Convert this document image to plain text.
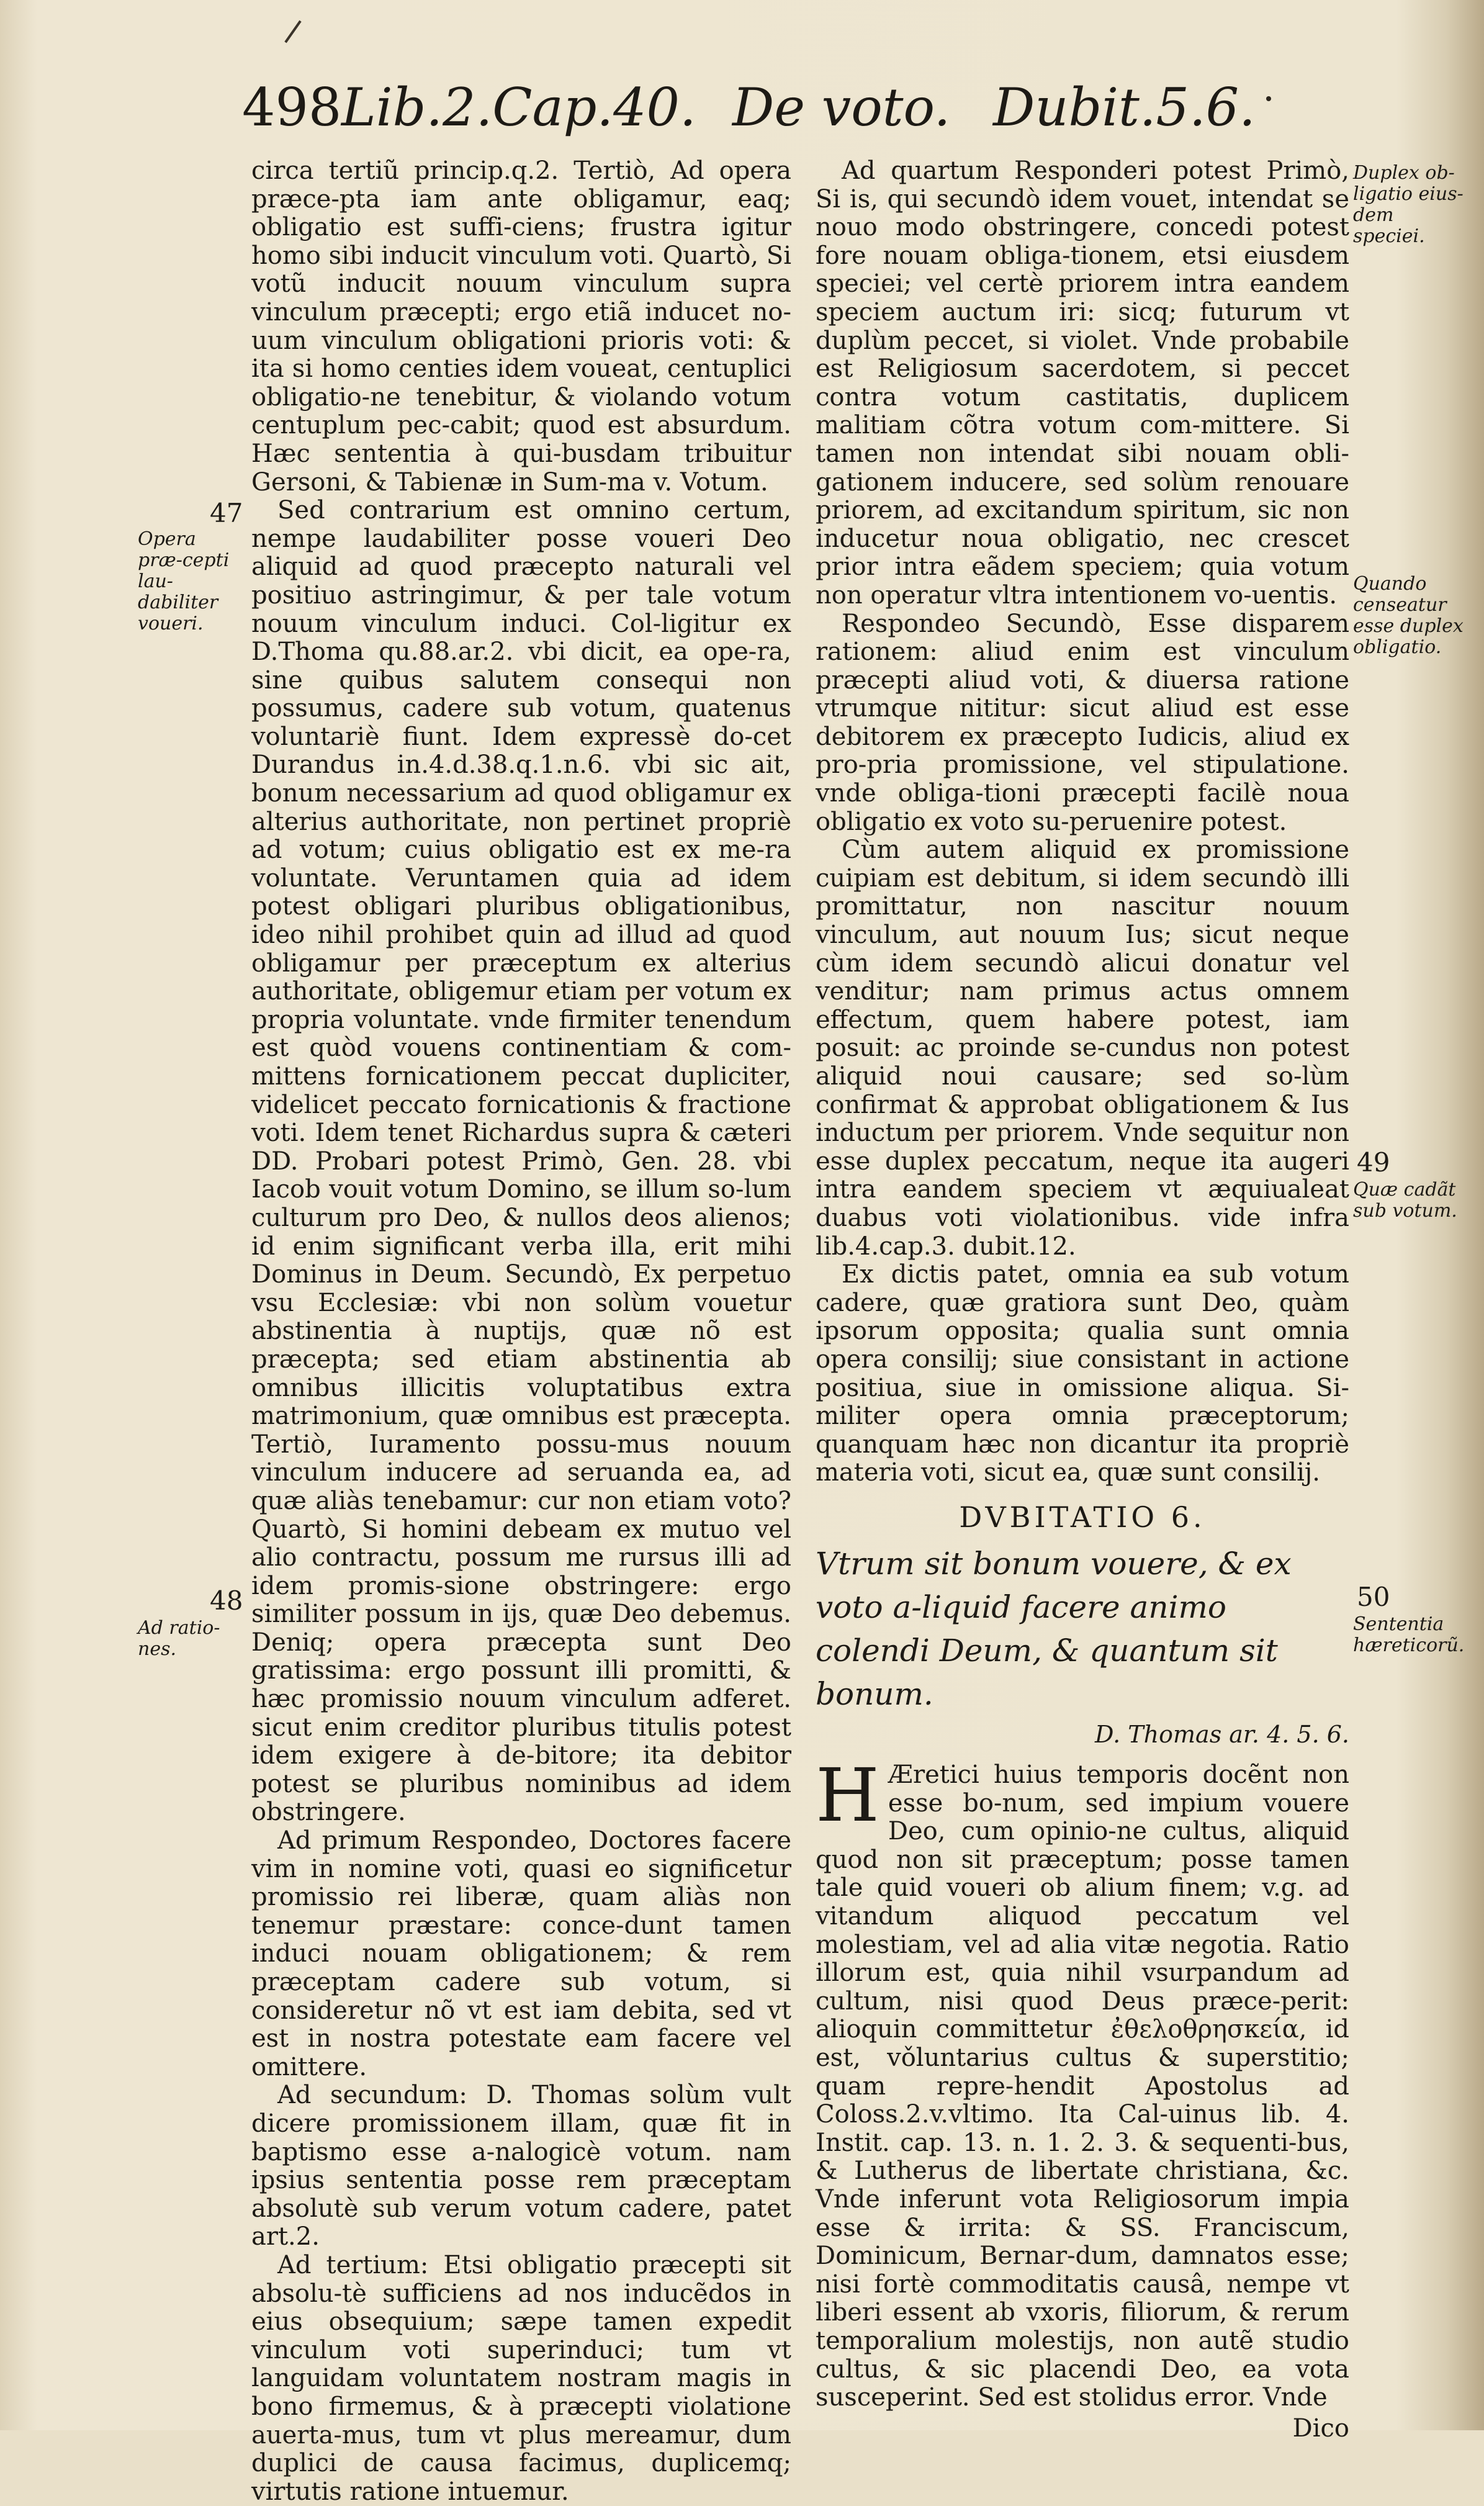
498 Lib.2.Cap.40. De voto. Dubit.5.6.

circa tertiũ princip.q.2. Tertiò, Ad opera præce-pta iam ante obligamur, eaq; obligatio est suffi-ciens; frustra igitur homo sibi inducit vinculum voti. Quartò, Si votũ inducit nouum vinculum supra vinculum præcepti; ergo etiã inducet no-uum vinculum obligationi prioris voti: & ita si homo centies idem voueat, centuplici obligatio-ne tenebitur, & violando votum centuplum pec-cabit; quod est absurdum. Hæc sententia à qui-busdam tribuitur Gersoni, & Tabienæ in Sum-ma v. Votum.

Sed contrarium est omnino certum, nempe laudabiliter posse voueri Deo aliquid ad quod præcepto naturali vel positiuo astringimur, & per tale votum nouum vinculum induci. Col-ligitur ex D.Thoma qu.88.ar.2. vbi dicit, ea ope-ra, sine quibus salutem consequi non possumus, cadere sub votum, quatenus voluntariè fiunt. Idem expressè do-cet Durandus in.4.d.38.q.1.n.6. vbi sic ait, bonum necessarium ad quod obligamur ex alterius authoritate, non pertinet propriè ad votum; cuius obligatio est ex me-ra voluntate. Veruntamen quia ad idem potest obligari pluribus obligationibus, ideo nihil prohibet quin ad illud ad quod obligamur per præceptum ex alterius authoritate, obligemur etiam per votum ex propria voluntate. vnde firmiter tenendum est quòd vouens continentiam & com-mittens fornicationem peccat dupliciter, videlicet peccato fornicationis & fractione voti. Idem tenet Richardus supra & cæteri DD. Probari potest Primò, Gen. 28. vbi Iacob vouit votum Domino, se illum so-lum culturum pro Deo, & nullos deos alienos; id enim significant verba illa, erit mihi Dominus in Deum. Secundò, Ex perpetuo vsu Ecclesiæ: vbi non solùm vouetur abstinentia à nuptijs, quæ nõ est præcepta; sed etiam abstinentia ab omnibus illicitis voluptatibus extra matrimonium, quæ omnibus est præcepta. Tertiò, Iuramento possu-mus nouum vinculum inducere ad seruanda ea, ad quæ aliàs tenebamur: cur non etiam voto? Quartò, Si homini debeam ex mutuo vel alio contractu, possum me rursus illi ad idem promis-sione obstringere: ergo similiter possum in ijs, quæ Deo debemus. Deniq; opera præcepta sunt Deo gratissima: ergo possunt illi promitti, & hæc promissio nouum vinculum adferet. sicut enim creditor pluribus titulis potest idem exigere à de-bitore; ita debitor potest se pluribus nominibus ad idem obstringere.

Ad primum Respondeo, Doctores facere vim in nomine voti, quasi eo significetur promissio rei liberæ, quam aliàs non tenemur præstare: conce-dunt tamen induci nouam obligationem; & rem præceptam cadere sub votum, si consideretur nõ vt est iam debita, sed vt est in nostra potestate eam facere vel omittere.

Ad secundum: D. Thomas solùm vult dicere promissionem illam, quæ fit in baptismo esse a-nalogicè votum. nam ipsius sententia posse rem præceptam absolutè sub verum votum cadere, patet art.2.

Ad tertium: Etsi obligatio præcepti sit absolu-tè sufficiens ad nos inducẽdos in eius obsequium; sæpe tamen expedit vinculum voti superinduci; tum vt languidam voluntatem nostram magis in bono firmemus, & à præcepti violatione auerta-mus, tum vt plus mereamur, dum duplici de causa facimus, duplicemq; virtutis ratione intuemur.

Ad quartum Responderi potest Primò, Si is, qui secundò idem vouet, intendat se nouo modo obstringere, concedi potest fore nouam obliga-tionem, etsi eiusdem speciei; vel certè priorem intra eandem speciem auctum iri: sicq; futurum vt duplùm peccet, si violet. Vnde probabile est Religiosum sacerdotem, si peccet contra votum castitatis, duplicem malitiam cõtra votum com-mittere. Si tamen non intendat sibi nouam obli-gationem inducere, sed solùm renouare priorem, ad excitandum spiritum, sic non inducetur noua obligatio, nec crescet prior intra eãdem speciem; quia votum non operatur vltra intentionem vo-uentis.

Respondeo Secundò, Esse disparem rationem: aliud enim est vinculum præcepti aliud voti, & diuersa ratione vtrumque nititur: sicut aliud est esse debitorem ex præcepto Iudicis, aliud ex pro-pria promissione, vel stipulatione. vnde obliga-tioni præcepti facilè noua obligatio ex voto su-peruenire potest.

Cùm autem aliquid ex promissione cuipiam est debitum, si idem secundò illi promittatur, non nascitur nouum vinculum, aut nouum Ius; sicut neque cùm idem secundò alicui donatur vel venditur; nam primus actus omnem effectum, quem habere potest, iam posuit: ac proinde se-cundus non potest aliquid noui causare; sed so-lùm confirmat & approbat obligationem & Ius inductum per priorem. Vnde sequitur non esse duplex peccatum, neque ita augeri intra eandem speciem vt æquiualeat duabus voti violationibus. vide infra lib.4.cap.3. dubit.12.

Ex dictis patet, omnia ea sub votum cadere, quæ gratiora sunt Deo, quàm ipsorum opposita; qualia sunt omnia opera consilij; siue consistant in actione positiua, siue in omissione aliqua. Si-militer opera omnia præceptorum; quanquam hæc non dicantur ita propriè materia voti, sicut ea, quæ sunt consilij.

DVBITATIO 6.

Vtrum sit bonum vouere, & ex voto a-liquid facere animo colendi Deum, & quantum sit bonum.

D. Thomas ar. 4. 5. 6.

H Æretici huius temporis docẽnt non esse bo-num, sed impium vouere Deo, cum opinio-ne cultus, aliquid quod non sit præceptum; posse tamen tale quid voueri ob alium finem; v.g. ad vitandum aliquod peccatum vel molestiam, vel ad alia vitæ negotia. Ratio illorum est, quia nihil vsurpandum ad cultum, nisi quod Deus præce-perit: alioquin committetur ἐθελοθρησκεία, id est, vǒluntarius cultus & superstitio; quam repre-hendit Apostolus ad Coloss.2.v.vltimo. Ita Cal-uinus lib. 4. Instit. cap. 13. n. 1. 2. 3. & sequenti-bus, & Lutherus de libertate christiana, &c. Vnde inferunt vota Religiosorum impia esse & irrita: & SS. Franciscum, Dominicum, Bernar-dum, damnatos esse; nisi fortè commoditatis causâ, nempe vt liberi essent ab vxoris, filiorum, & rerum temporalium molestijs, non autẽ studio cultus, & sic placendi Deo, ea vota susceperint. Sed est stolidus error. Vnde

Dico

47
Opera præ-cepti lau-dabiliter voueri.
48
Ad ratio-nes.
Duplex ob-ligatio eius-dem speciei.
Quando censeatur esse duplex obligatio.
49
Quæ cadãt sub votum.
50
Sententia hæreticorũ.
